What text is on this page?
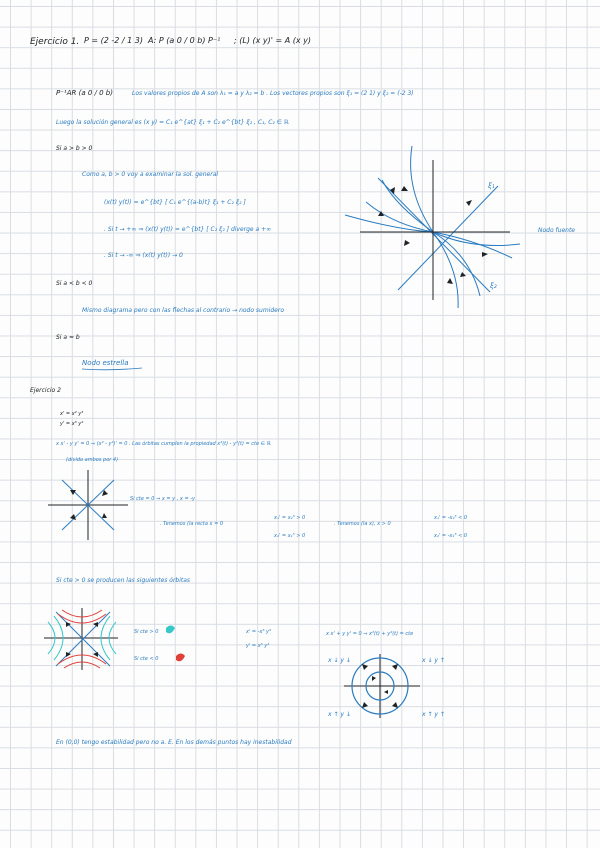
Ejercicio 1. P = (2 -2 / 1 3) A: P (a 0 / 0 b) P⁻¹ ; (L) (x y)' = A (x y)
P⁻¹AR (a 0 / 0 b)	Los valores propios de A son λ₁ = a y λ₂ = b . Los vectores propios son ξ₁ = (2 1) y ξ₂ = (-2 3)
Luego la solución general es (x y) = C₁ e^{at} ξ₁ + C₂ e^{bt} ξ₂ , C₁, C₂ ∈ ℝ
Si a > b > 0
Como a, b > 0 voy a examinar la sol. general
(x(t) y(t)) = e^{bt} [ C₁ e^{(a-b)t} ξ₁ + C₂ ξ₂ ]
. Si t → +∞ ⇒ (x(t) y(t)) = e^{bt} [ C₂ ξ₂ ] diverge a +∞
. Si t → -∞ ⇒ (x(t) y(t)) → 0
Nodo fuente
ξ₁
ξ₂
Si a < b < 0
Mismo diagrama pero con las flechas al contrario → nodo sumidero
Si a = b
Nodo estrella
Ejercicio 2
x' = x² y³
y' = x³ y²
x x' - y y' = 0 ⇒ (x² - y²)' = 0 . Las órbitas cumplen la propiedad x²(t) - y²(t) = cte ∈ ℝ
(divido ambos por 4)
Si cte = 0 ⇒ x = y , x = -y
. Tenemos (la recta x = 0
x₁' = x₂³ > 0
x₂' = x₁³ > 0
. Tenemos (la x), x > 0
x₁' = -x₂³ < 0
x₂' = -x₁³ < 0
Si cte > 0 se producen las siguientes órbitas
Si cte > 0
Si cte < 0
x' = -x³ y³
y' = x³ y²
x x' + y y' = 0 ⇒ x²(t) + y²(t) = cte
x ↓ y ↓	x ↓ y ↑
x ↑ y ↓	x ↑ y ↑
En (0,0) tengo estabilidad pero no a. E. En los demás puntos hay inestabilidad
